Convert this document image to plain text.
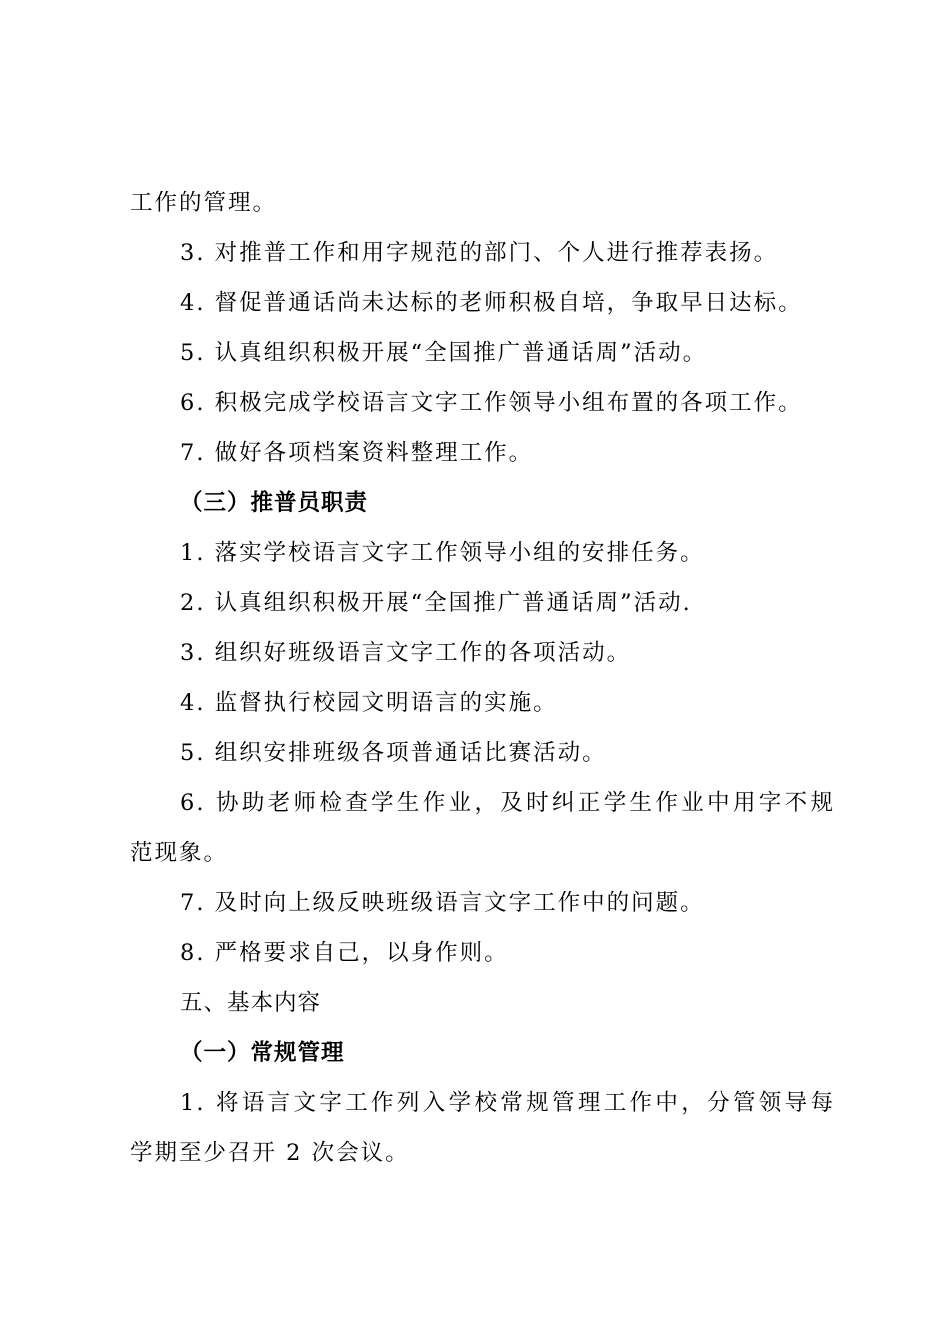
工作的管理。
3. 对推普工作和用字规范的部门、个人进行推荐表扬。
4. 督促普通话尚未达标的老师积极自培，争取早日达标。
5. 认真组织积极开展“全国推广普通话周”活动。
6. 积极完成学校语言文字工作领导小组布置的各项工作。
7. 做好各项档案资料整理工作。
（三）推普员职责
1. 落实学校语言文字工作领导小组的安排任务。
2. 认真组织积极开展“全国推广普通话周”活动.
3. 组织好班级语言文字工作的各项活动。
4. 监督执行校园文明语言的实施。
5. 组织安排班级各项普通话比赛活动。
6. 协助老师检查学生作业，及时纠正学生作业中用字不规
范现象。
7. 及时向上级反映班级语言文字工作中的问题。
8. 严格要求自己，以身作则。
五、基本内容
（一）常规管理
1. 将语言文字工作列入学校常规管理工作中，分管领导每
学期至少召开 2 次会议。
